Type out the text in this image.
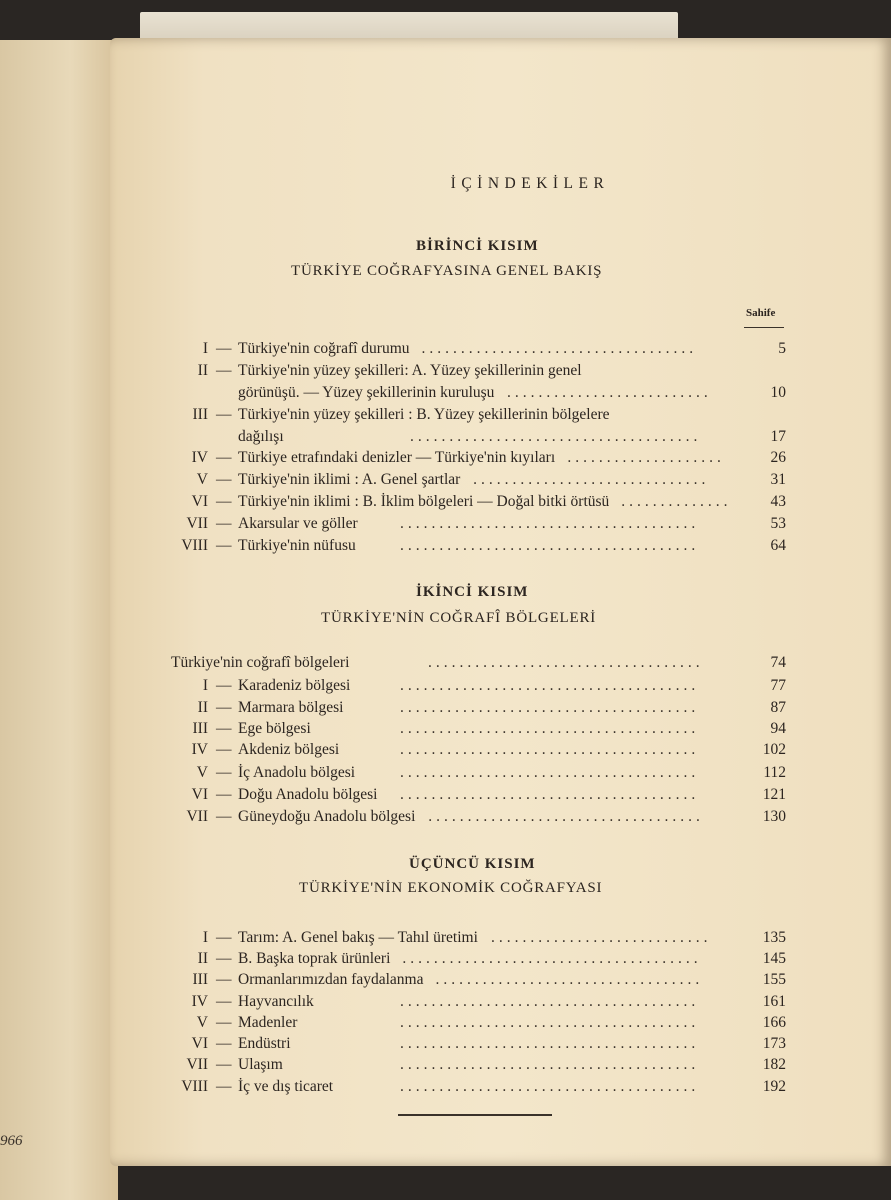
966
İÇİNDEKİLER
BİRİNCİ KISIM
TÜRKİYE COĞRAFYASINA GENEL BAKIŞ
Sahife
İKİNCİ KISIM
TÜRKİYE'NİN COĞRAFÎ BÖLGELERİ
ÜÇÜNCÜ KISIM
TÜRKİYE'NİN EKONOMİK COĞRAFYASI
I — Türkiye'nin coğrafî durumu ...................................	5
II — Türkiye'nin yüzey şekilleri: A. Yüzey şekillerinin genel
görünüşü. — Yüzey şekillerinin kuruluşu ..........................	10
III — Türkiye'nin yüzey şekilleri : B. Yüzey şekillerinin bölgelere
dağılışı	.....................................	17
IV — Türkiye etrafındaki denizler — Türkiye'nin kıyıları ....................	26
V — Türkiye'nin iklimi : A. Genel şartlar ..............................	31
VI — Türkiye'nin iklimi : B. İklim bölgeleri — Doğal bitki örtüsü ..............	43
VII — Akarsular ve göller	......................................	53
VIII — Türkiye'nin nüfusu	......................................	64
Türkiye'nin coğrafî bölgeleri	...................................	74
I — Karadeniz bölgesi	......................................	77
II — Marmara bölgesi	......................................	87
III — Ege bölgesi	......................................	94
IV — Akdeniz bölgesi	......................................	102
V — İç Anadolu bölgesi	......................................	112
VI — Doğu Anadolu bölgesi ......................................	121
VII — Güneydoğu Anadolu bölgesi ...................................	130
I — Tarım: A. Genel bakış — Tahıl üretimi ............................	135
II — B. Başka toprak ürünleri ......................................	145
III — Ormanlarımızdan faydalanma ..................................	155
IV — Hayvancılık	......................................	161
V — Madenler	......................................	166
VI — Endüstri	......................................	173
VII — Ulaşım	......................................	182
VIII — İç ve dış ticaret	......................................	192
